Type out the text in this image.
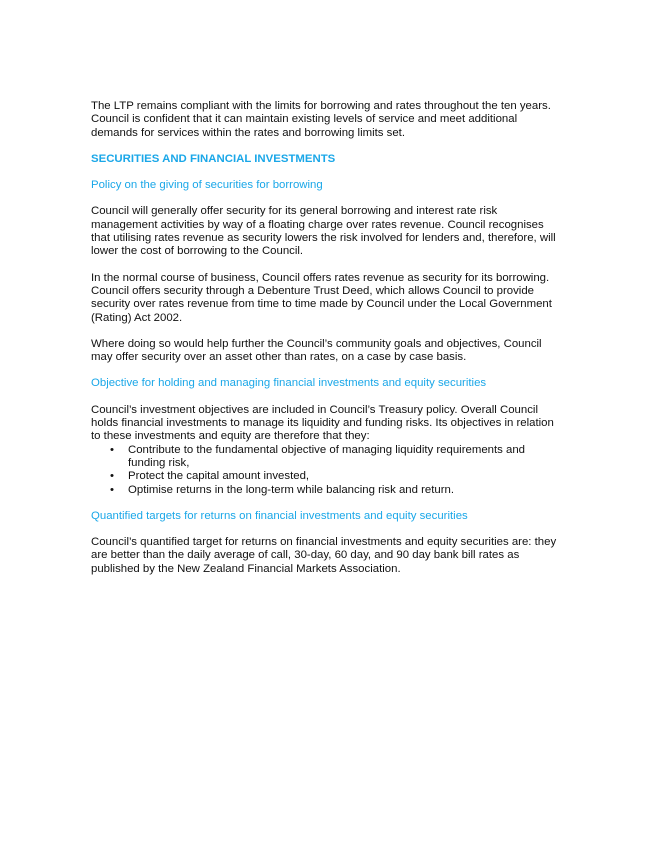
The LTP remains compliant with the limits for borrowing and rates throughout the ten years. Council is confident that it can maintain existing levels of service and meet additional demands for services within the rates and borrowing limits set.

SECURITIES AND FINANCIAL INVESTMENTS

Policy on the giving of securities for borrowing

Council will generally offer security for its general borrowing and interest rate risk management activities by way of a floating charge over rates revenue. Council recognises that utilising rates revenue as security lowers the risk involved for lenders and, therefore, will lower the cost of borrowing to the Council.

In the normal course of business, Council offers rates revenue as security for its borrowing. Council offers security through a Debenture Trust Deed, which allows Council to provide security over rates revenue from time to time made by Council under the Local Government (Rating) Act 2002.

Where doing so would help further the Council’s community goals and objectives, Council may offer security over an asset other than rates, on a case by case basis.

Objective for holding and managing financial investments and equity securities

Council’s investment objectives are included in Council’s Treasury policy. Overall Council holds financial investments to manage its liquidity and funding risks. Its objectives in relation to these investments and equity are therefore that they:

• Contribute to the fundamental objective of managing liquidity requirements and funding risk,
• Protect the capital amount invested,
• Optimise returns in the long-term while balancing risk and return.

Quantified targets for returns on financial investments and equity securities

Council’s quantified target for returns on financial investments and equity securities are: they are better than the daily average of call, 30-day, 60 day, and 90 day bank bill rates as published by the New Zealand Financial Markets Association.
